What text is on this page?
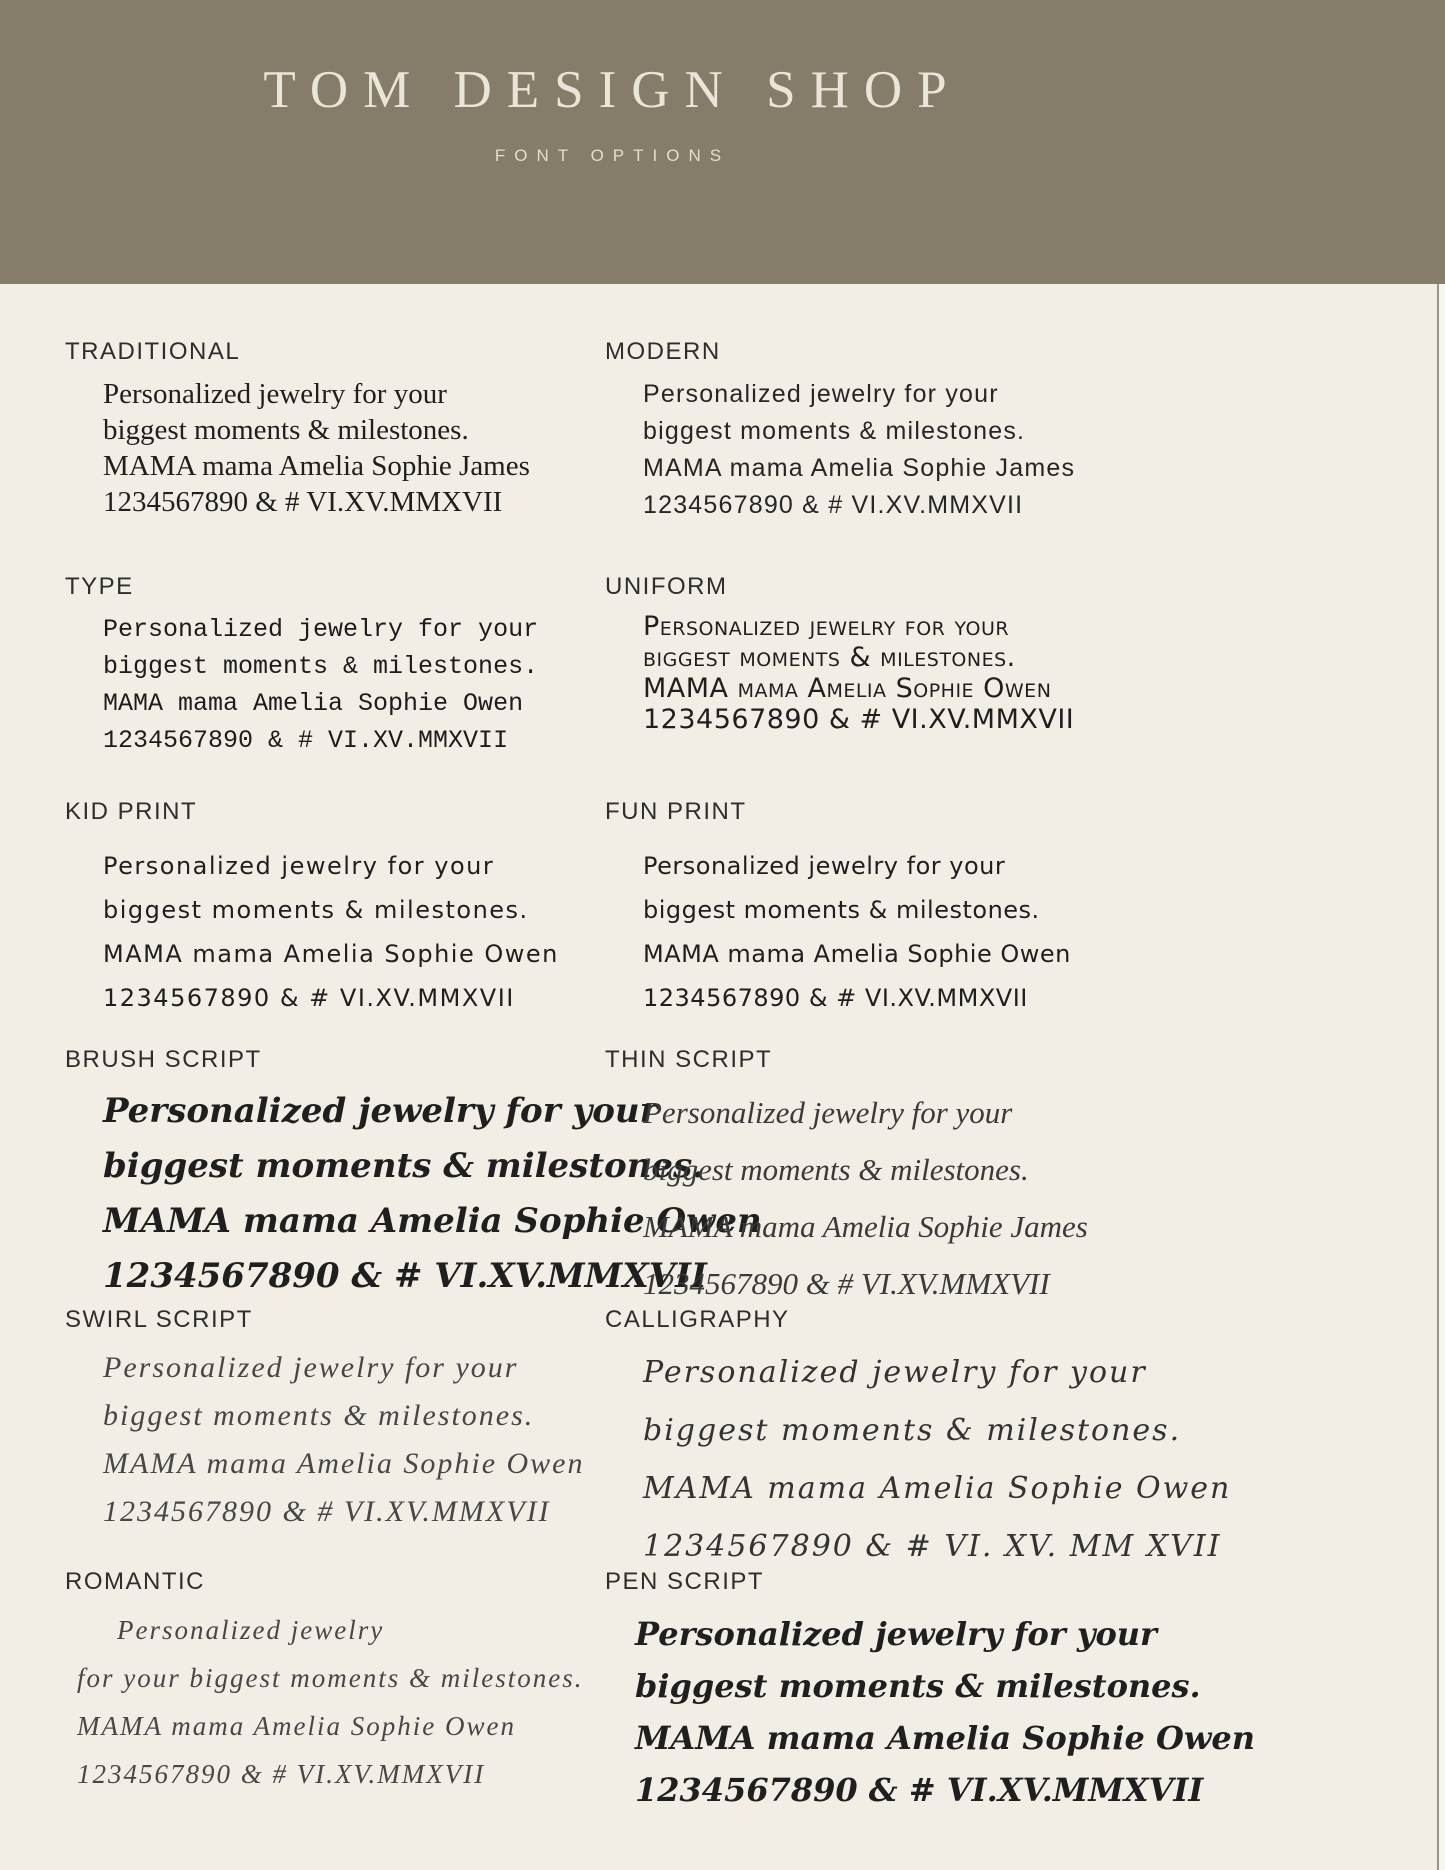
TOM DESIGN SHOP

FONT OPTIONS

TRADITIONAL
Personalized jewelry for your
biggest moments & milestones.
MAMA mama Amelia Sophie James
1234567890 & # VI.XV.MMXVII
MODERN
Personalized jewelry for your
biggest moments & milestones.
MAMA mama Amelia Sophie James
1234567890 & # VI.XV.MMXVII
TYPE
Personalized jewelry for your
biggest moments & milestones.
MAMA mama Amelia Sophie Owen
1234567890 & # VI.XV.MMXVII
UNIFORM
Personalized jewelry for your
biggest moments & milestones.
MAMA mama Amelia Sophie Owen
1234567890 & # VI.XV.MMXVII
KID PRINT
Personalized jewelry for your
biggest moments & milestones.
MAMA mama Amelia Sophie Owen
1234567890 & # VI.XV.MMXVII
FUN PRINT
Personalized jewelry for your
biggest moments & milestones.
MAMA mama Amelia Sophie Owen
1234567890 & # VI.XV.MMXVII
BRUSH SCRIPT
Personalized jewelry for your
biggest moments & milestones.
MAMA mama Amelia Sophie Owen
1234567890 & # VI.XV.MMXVII
THIN SCRIPT
Personalized jewelry for your
biggest moments & milestones.
MAMA mama Amelia Sophie James
1234567890 & # VI.XV.MMXVII
SWIRL SCRIPT
Personalized jewelry for your
biggest moments & milestones.
MAMA mama Amelia Sophie Owen
1234567890 & # VI.XV.MMXVII
CALLIGRAPHY
Personalized jewelry for your
biggest moments & milestones.
MAMA mama Amelia Sophie Owen
1234567890 & # VI. XV. MM XVII
ROMANTIC
Personalized jewelry
for your biggest moments & milestones.
MAMA mama Amelia Sophie Owen
1234567890 & # VI.XV.MMXVII
PEN SCRIPT
Personalized jewelry for your
biggest moments & milestones.
MAMA mama Amelia Sophie Owen
1234567890 & # VI.XV.MMXVII
